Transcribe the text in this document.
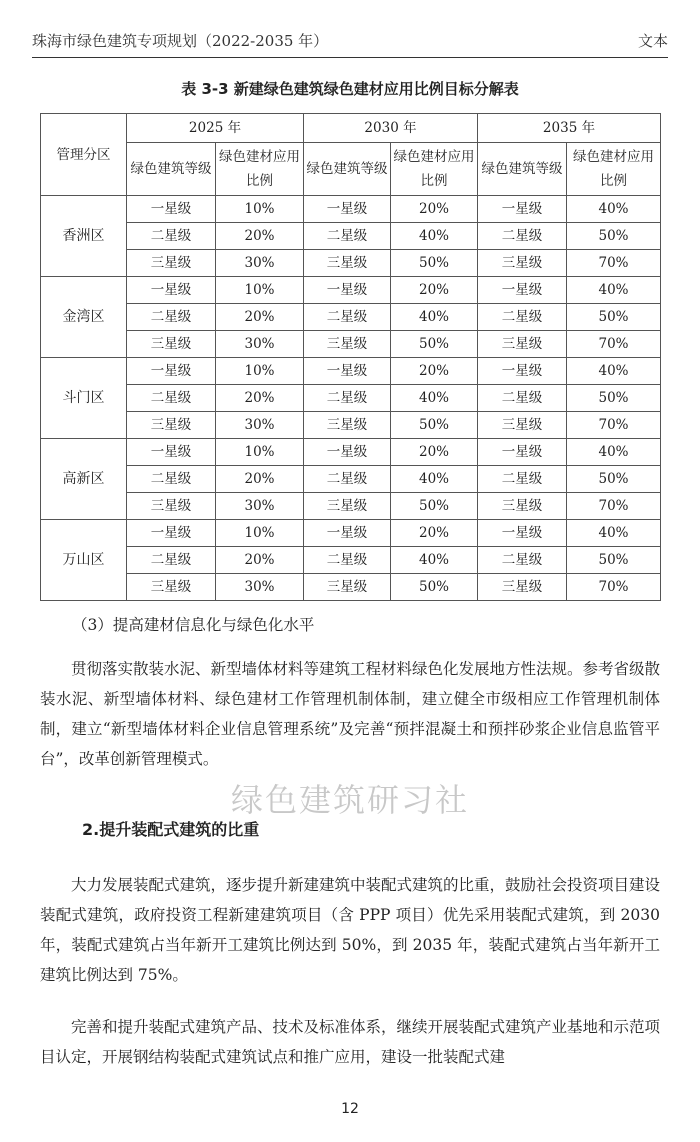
珠海市绿色建筑专项规划（2022-2035 年）	文本
表 3-3 新建绿色建筑绿色建材应用比例目标分解表
管理分区	2025 年		2030 年		2035 年	
	绿色建筑等级	绿色建材应用比例	绿色建筑等级	绿色建材应用比例	绿色建筑等级	绿色建材应用比例
香洲区	一星级	10%	一星级	20%	一星级	40%
	二星级	20%	二星级	40%	二星级	50%
	三星级	30%	三星级	50%	三星级	70%
金湾区	一星级	10%	一星级	20%	一星级	40%
	二星级	20%	二星级	40%	二星级	50%
	三星级	30%	三星级	50%	三星级	70%
斗门区	一星级	10%	一星级	20%	一星级	40%
	二星级	20%	二星级	40%	二星级	50%
	三星级	30%	三星级	50%	三星级	70%
高新区	一星级	10%	一星级	20%	一星级	40%
	二星级	20%	二星级	40%	二星级	50%
	三星级	30%	三星级	50%	三星级	70%
万山区	一星级	10%	一星级	20%	一星级	40%
	二星级	20%	二星级	40%	二星级	50%
	三星级	30%	三星级	50%	三星级	70%
（3）提高建材信息化与绿色化水平

贯彻落实散装水泥、新型墙体材料等建筑工程材料绿色化发展地方性法规。参考省级散装水泥、新型墙体材料、绿色建材工作管理机制体制，建立健全市级相应工作管理机制体制，建立“新型墙体材料企业信息管理系统”及完善“预拌混凝土和预拌砂浆企业信息监管平台”，改革创新管理模式。

绿色建筑研习社
2.提升装配式建筑的比重

大力发展装配式建筑，逐步提升新建建筑中装配式建筑的比重，鼓励社会投资项目建设装配式建筑，政府投资工程新建建筑项目（含 PPP 项目）优先采用装配式建筑，到 2030 年，装配式建筑占当年新开工建筑比例达到 50%，到 2035 年，装配式建筑占当年新开工建筑比例达到 75%。

完善和提升装配式建筑产品、技术及标准体系，继续开展装配式建筑产业基地和示范项目认定，开展钢结构装配式建筑试点和推广应用，建设一批装配式建

12
